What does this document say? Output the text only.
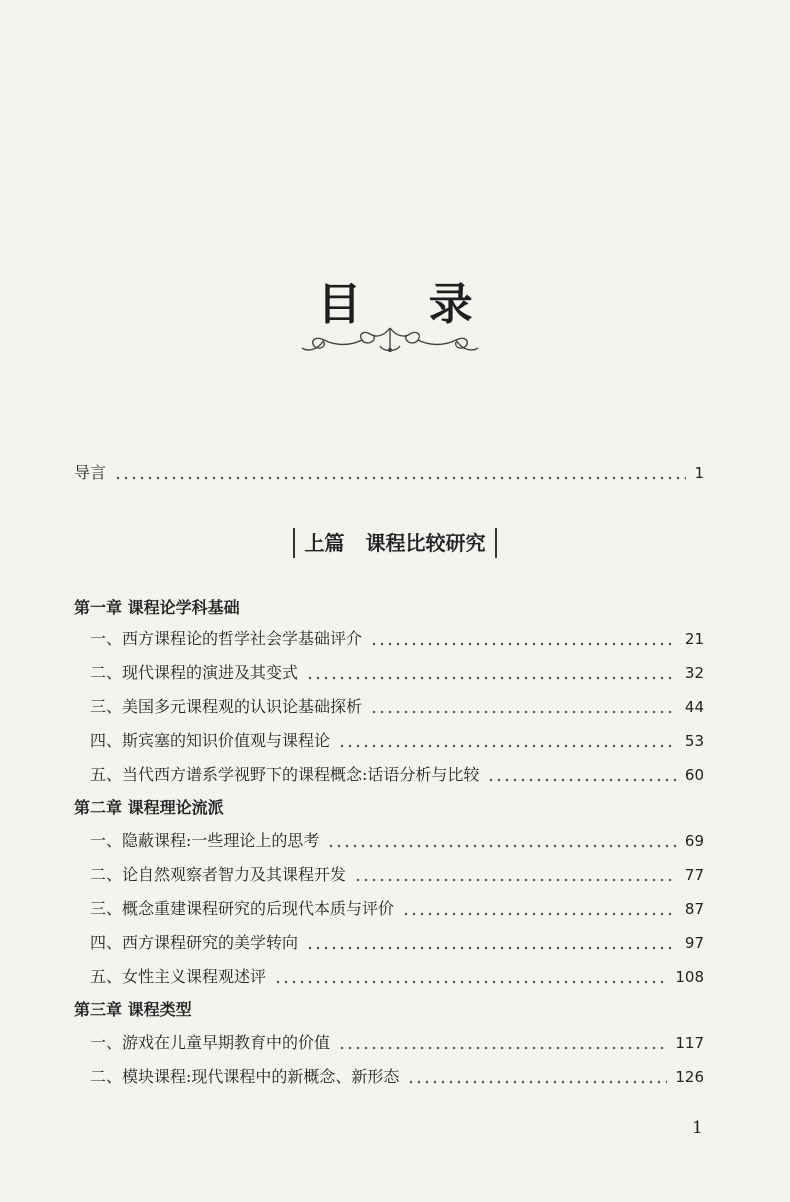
目 录
导言	1
上篇 课程比较研究
第一章 课程论学科基础
一、西方课程论的哲学社会学基础评介	21
二、现代课程的演进及其变式	32
三、美国多元课程观的认识论基础探析	44
四、斯宾塞的知识价值观与课程论	53
五、当代西方谱系学视野下的课程概念:话语分析与比较	60
第二章 课程理论流派
一、隐蔽课程:一些理论上的思考	69
二、论自然观察者智力及其课程开发	77
三、概念重建课程研究的后现代本质与评价	87
四、西方课程研究的美学转向	97
五、女性主义课程观述评	108
第三章 课程类型
一、游戏在儿童早期教育中的价值	117
二、模块课程:现代课程中的新概念、新形态	126
1
